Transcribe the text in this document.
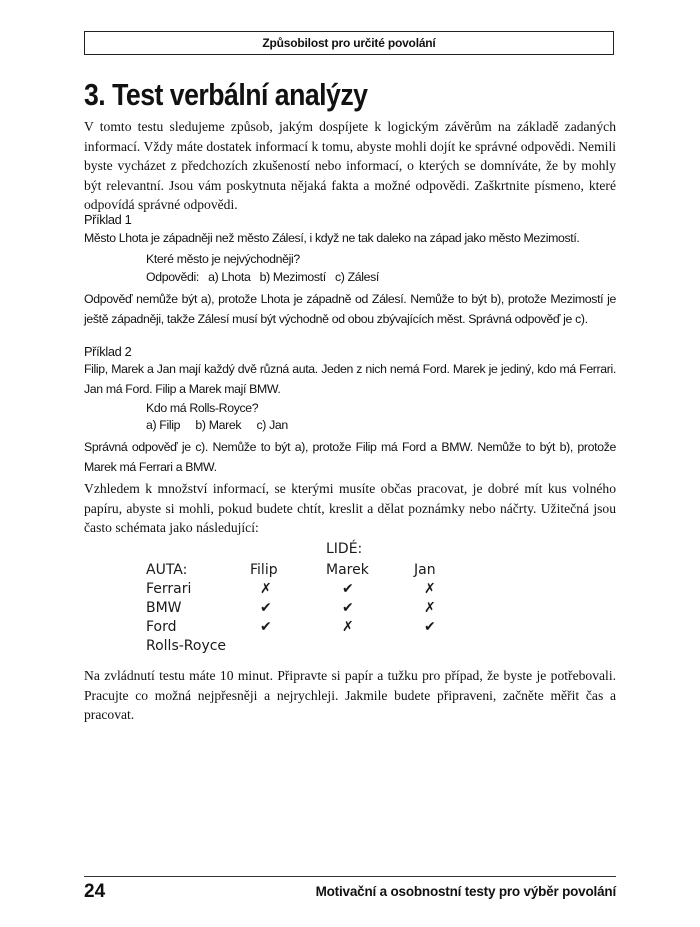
Způsobilost pro určité povolání
3. Test verbální analýzy

V tomto testu sledujeme způsob, jakým dospíjete k logickým závěrům na základě zadaných informací. Vždy máte dostatek informací k tomu, abyste mohli dojít ke správné odpovědi. Nemili byste vycházet z předchozích zkušeností nebo informací, o kterých se domníváte, že by mohly být relevantní. Jsou vám poskytnuta nějaká fakta a možné odpovědi. Zaškrtnite písmeno, které odpovídá správné odpovědi.

Příklad 1

Město Lhota je západněji než město Zálesí, i když ne tak daleko na západ jako město Mezimostí.

Které město je nejvýchodněji?

Odpovědi:   a) Lhota   b) Mezimostí   c) Zálesí

Odpověď nemůže být a), protože Lhota je západně od Zálesí. Nemůže to být b), protože Mezimostí je ještě západněji, takže Zálesí musí být východně od obou zbývajících měst. Správná odpověď je c).

Příklad 2

Filip, Marek a Jan mají každý dvě různá auta. Jeden z nich nemá Ford. Marek je jediný, kdo má Ferrari. Jan má Ford. Filip a Marek mají BMW.

Kdo má Rolls-Royce?

a) Filip     b) Marek     c) Jan

Správná odpověď je c). Nemůže to být a), protože Filip má Ford a BMW. Nemůže to být b), protože Marek má Ferrari a BMW.

Vzhledem k množství informací, se kterými musíte občas pracovat, je dobré mít kus volného papíru, abyste si mohli, pokud budete chtít, kreslit a dělat poznámky nebo náčrty. Užitečná jsou často schémata jako následující:

LIDÉ:
AUTA:	Filip	Marek	Jan
Ferrari	✗	✔	✗
BMW	✔	✔	✗
Ford	✔	✗	✔
Rolls-Royce

Na zvládnutí testu máte 10 minut. Připravte si papír a tužku pro případ, že byste je potřebovali. Pracujte co možná nejpřesněji a nejrychleji. Jakmile budete připraveni, začněte měřit čas a pracovat.

24	Motivační a osobnostní testy pro výběr povolání
